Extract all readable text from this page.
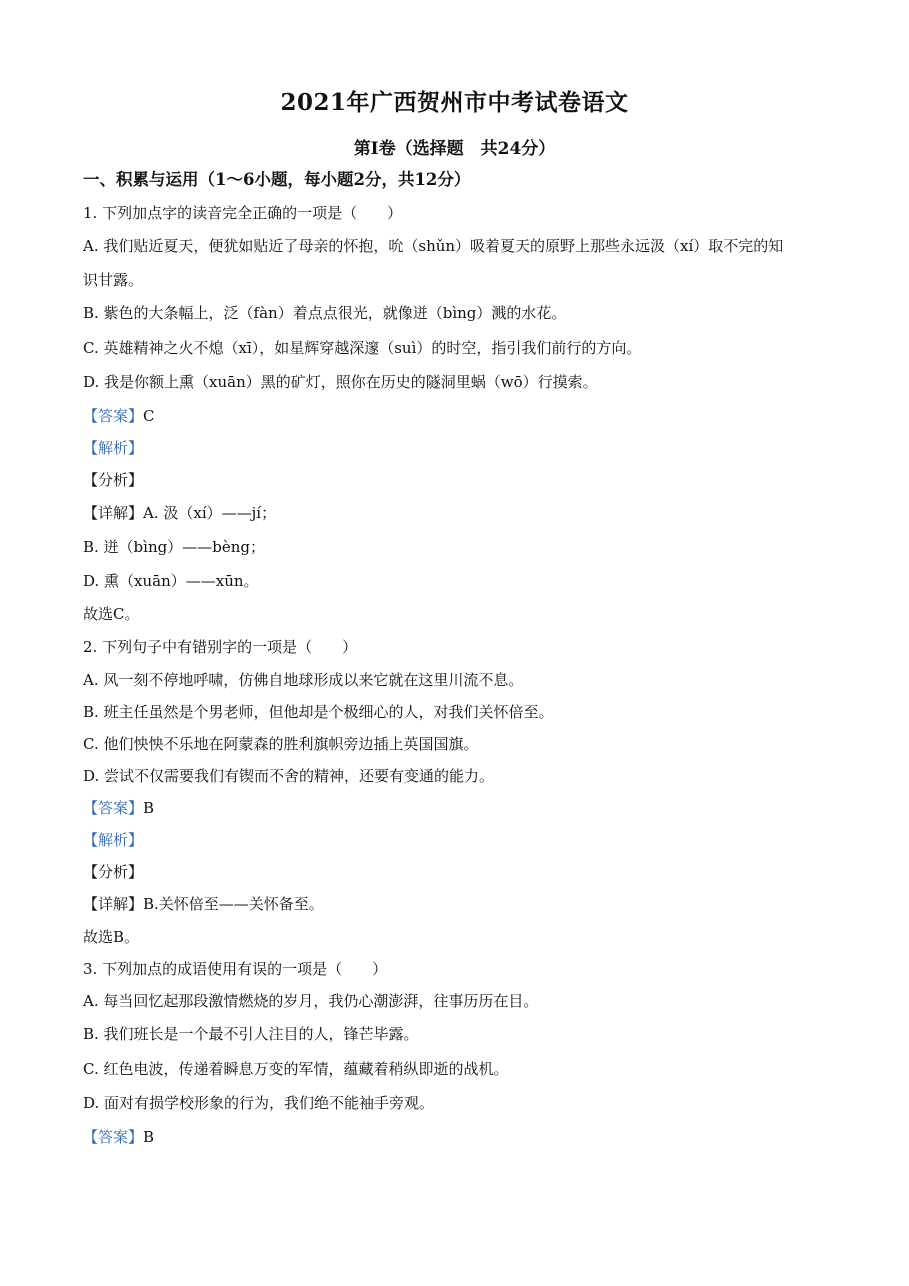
2021年广西贺州市中考试卷语文
第Ⅰ卷（选择题　共24分）
一、积累与运用（1～6小题，每小题2分，共12分）
1. 下列加点字的读音完全正确的一项是（　　）
A. 我们贴近夏天，便犹如贴近了母亲的怀抱，吮（shǔn）吸着夏天的原野上那些永远汲（xí）取不完的知
识甘露。
B. 紫色的大条幅上，泛（fàn）着点点很光，就像迸（bìng）溅的水花。
C. 英雄精神之火不熄（xī），如星辉穿越深邃（suì）的时空，指引我们前行的方向。
D. 我是你额上熏（xuān）黑的矿灯，照你在历史的隧洞里蜗（wō）行摸索。
【答案】C
【解析】
【分析】
【详解】A. 汲（xí）——jí；
B. 迸（bìng）——bèng；
D. 熏（xuān）——xūn。
故选C。
2. 下列句子中有错别字的一项是（　　）
A. 风一刻不停地呼啸，仿佛自地球形成以来它就在这里川流不息。
B. 班主任虽然是个男老师，但他却是个极细心的人，对我们关怀倍至。
C. 他们怏怏不乐地在阿蒙森的胜利旗帜旁边插上英国国旗。
D. 尝试不仅需要我们有锲而不舍的精神，还要有变通的能力。
【答案】B
【解析】
【分析】
【详解】B.关怀倍至——关怀备至。
故选B。
3. 下列加点的成语使用有误的一项是（　　）
A. 每当回忆起那段激情燃烧的岁月，我仍心潮澎湃，往事历历在目。
B. 我们班长是一个最不引人注目的人，锋芒毕露。
C. 红色电波，传递着瞬息万变的军情，蕴藏着稍纵即逝的战机。
D. 面对有损学校形象的行为，我们绝不能袖手旁观。
【答案】B
